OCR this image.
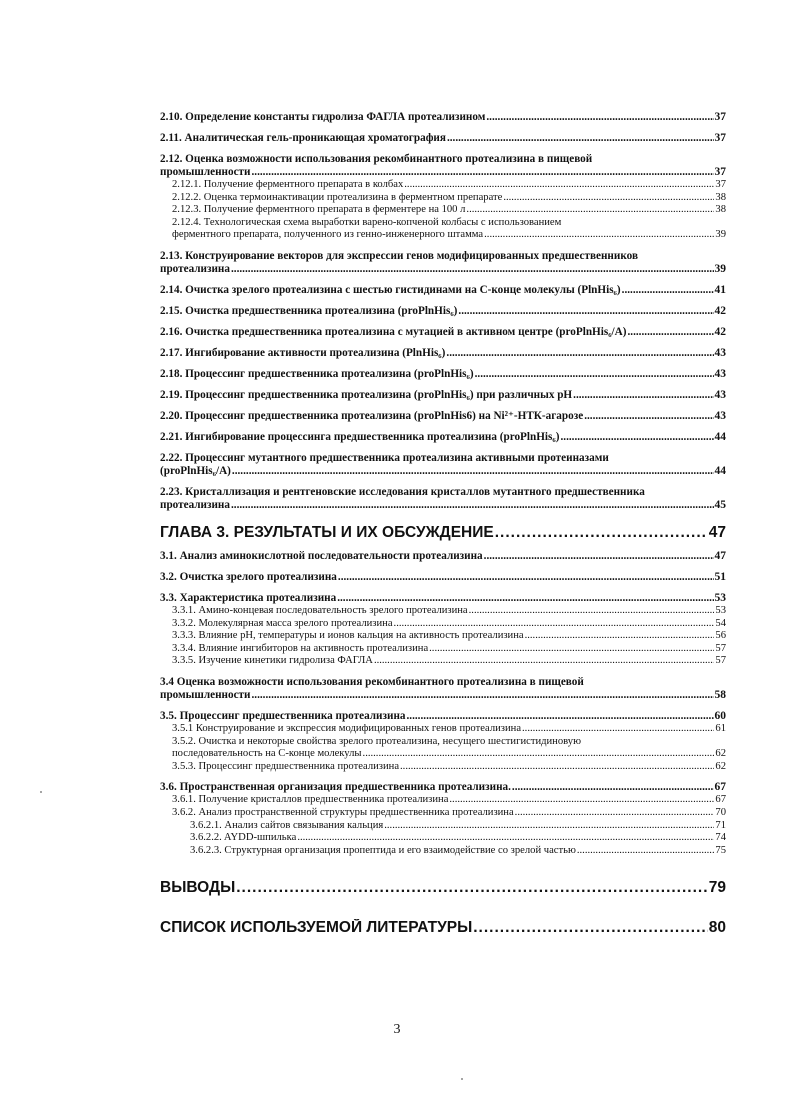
2.10. Определение константы гидролиза ФАГЛА протеализином .....	37
2.11. Аналитическая гель-проникающая хроматография .....	37
2.12. Оценка возможности использования рекомбинантного протеализина в пищевой
промышленности .....	37
2.12.1. Получение ферментного препарата в колбах .....	37
2.12.2. Оценка термоинактивации протеализина в ферментном препарате .....	38
2.12.3. Получение ферментного препарата в ферментере на 100 л .....	38
2.12.4. Технологическая схема выработки варено-копченой колбасы с использованием
ферментного препарата, полученного из генно-инженерного штамма .....	39
2.13. Конструирование векторов для экспрессии генов модифицированных предшественников
протеализина .....	39
2.14. Очистка зрелого протеализина с шестью гистидинами на С-конце молекулы (PlnHis₆) .....	41
2.15. Очистка предшественника протеализина (proPlnHis₆) .....	42
2.16. Очистка предшественника протеализина с мутацией в активном центре (proPlnHis₆/A) .....	42
2.17. Ингибирование активности протеализина (PlnHis₆) .....	43
2.18. Процессинг предшественника протеализина (proPlnHis₆) .....	43
2.19. Процессинг предшественника протеализина (proPlnHis₆) при различных pH .....	43
2.20. Процессинг предшественника протеализина (proPlnHis6) на Ni²⁺-НТК-агарозе .....	43
2.21. Ингибирование процессинга предшественника протеализина (proPlnHis₆) .....	44
2.22. Процессинг мутантного предшественника протеализина активными протеиназами
(proPlnHis₆/A) .....	44
2.23. Кристаллизация и рентгеновские исследования кристаллов мутантного предшественника
протеализина .....	45
ГЛАВА 3. РЕЗУЛЬТАТЫ И ИХ ОБСУЖДЕНИЕ .....	47
3.1. Анализ аминокислотной последовательности протеализина .....	47
3.2. Очистка зрелого протеализина .....	51
3.3. Характеристика протеализина .....	53
3.3.1. Амино-концевая последовательность зрелого протеализина .....	53
3.3.2. Молекулярная масса зрелого протеализина .....	54
3.3.3. Влияние pH, температуры и ионов кальция на активность протеализина .....	56
3.3.4. Влияние ингибиторов на активность протеализина .....	57
3.3.5. Изучение кинетики гидролиза ФАГЛА .....	57
3.4 Оценка возможности использования рекомбинантного протеализина в пищевой
промышленности .....	58
3.5. Процессинг предшественника протеализина .....	60
3.5.1 Конструирование и экспрессия модифицированных генов протеализина .....	61
3.5.2. Очистка и некоторые свойства зрелого протеализина, несущего шестигистидиновую
последовательность на С-конце молекулы .....	62
3.5.3. Процессинг предшественника протеализина .....	62
3.6. Пространственная организация предшественника протеализина. .....	67
3.6.1. Получение кристаллов предшественника протеализина .....	67
3.6.2. Анализ пространственной структуры предшественника протеализина .....	70
3.6.2.1. Анализ сайтов связывания кальция .....	71
3.6.2.2. AYDD-шпилька .....	74
3.6.2.3. Структурная организация пропептида и его взаимодействие со зрелой частью .....	75
ВЫВОДЫ .....	79
СПИСОК ИСПОЛЬЗУЕМОЙ ЛИТЕРАТУРЫ .....	80
3
